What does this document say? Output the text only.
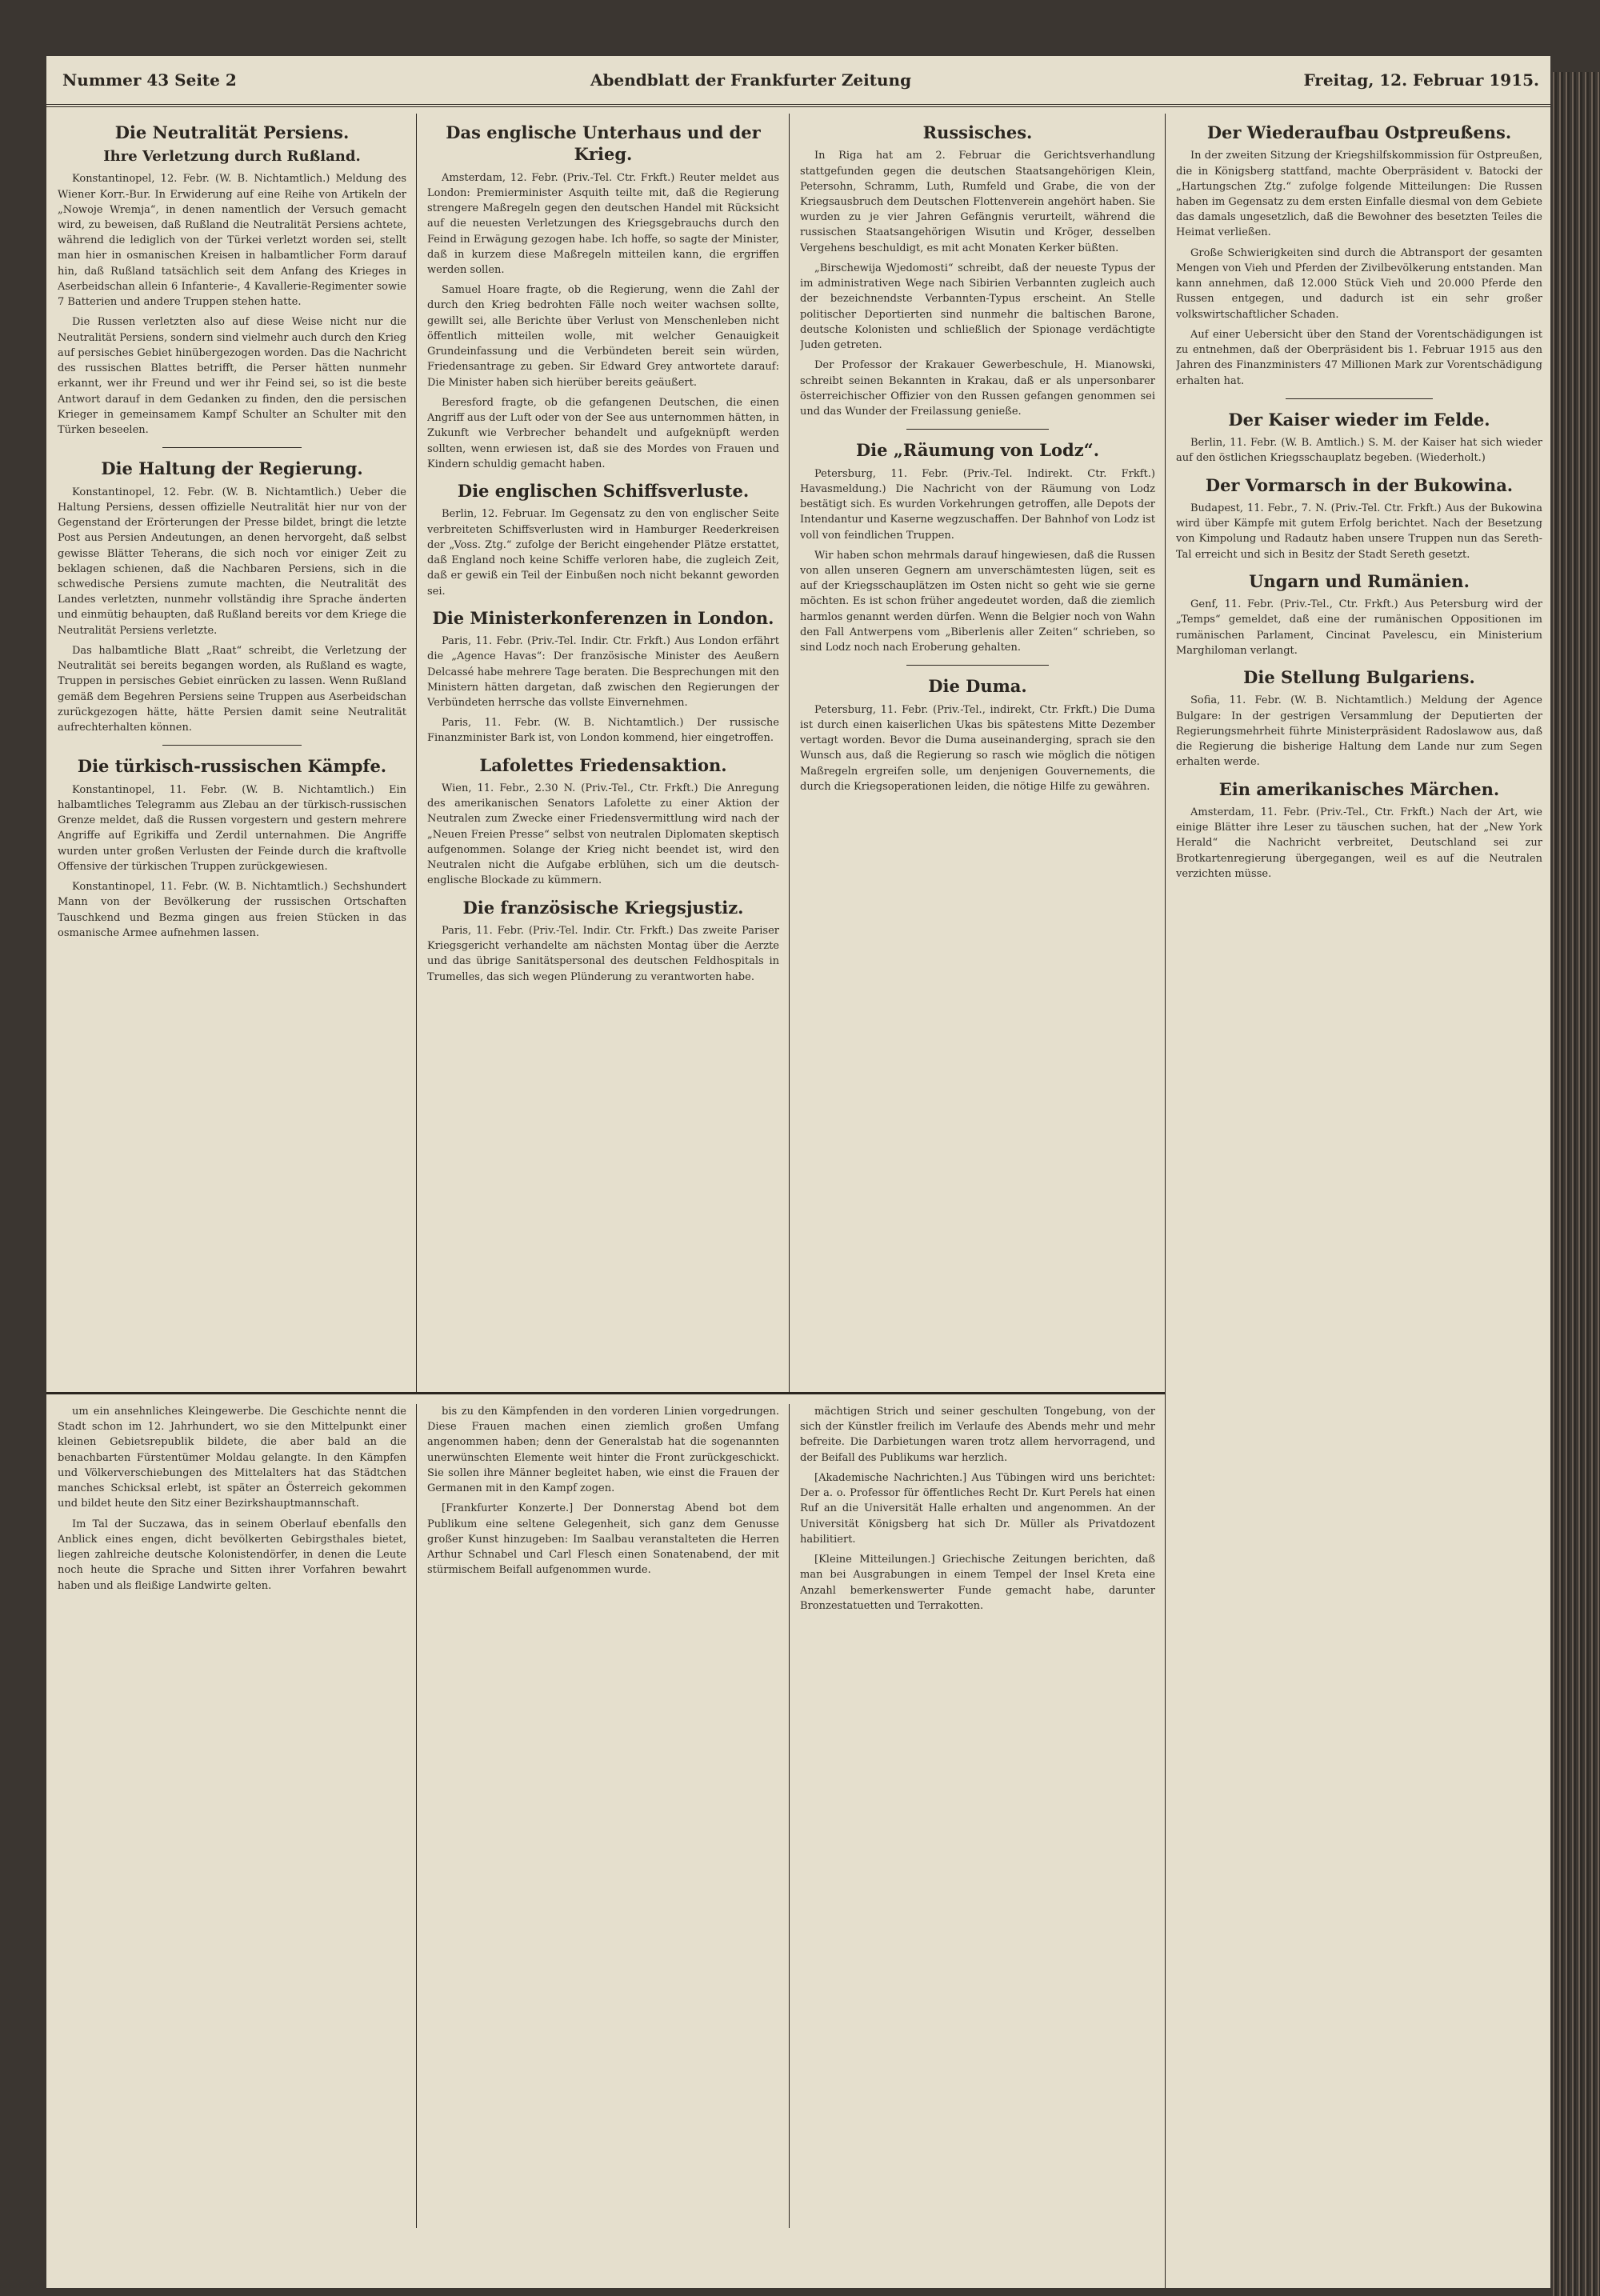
Nummer 43 Seite 2	Abendblatt der Frankfurter Zeitung	Freitag, 12. Februar 1915.
Die Neutralität Persiens.
Ihre Verletzung durch Rußland.

Konstantinopel, 12. Febr. (W. B. Nichtamtlich.) Meldung des Wiener Korr.-Bur. In Erwiderung auf eine Reihe von Artikeln der „Nowoje Wremja“, in denen namentlich der Versuch gemacht wird, zu beweisen, daß Rußland die Neutralität Persiens achtete, während die lediglich von der Türkei verletzt worden sei, stellt man hier in osmanischen Kreisen in halbamtlicher Form darauf hin, daß Rußland tatsächlich seit dem Anfang des Krieges in Aserbeidschan allein 6 Infanterie-, 4 Kavallerie-Regimenter sowie 7 Batterien und andere Truppen stehen hatte.

Die Russen verletzten also auf diese Weise nicht nur die Neutralität Persiens, sondern sind vielmehr auch durch den Krieg auf persisches Gebiet hinübergezogen worden. Das die Nachricht des russischen Blattes betrifft, die Perser hätten nunmehr erkannt, wer ihr Freund und wer ihr Feind sei, so ist die beste Antwort darauf in dem Gedanken zu finden, den die persischen Krieger in gemeinsamem Kampf Schulter an Schulter mit den Türken beseelen.

Die Haltung der Regierung.

Konstantinopel, 12. Febr. (W. B. Nichtamtlich.) Ueber die Haltung Persiens, dessen offizielle Neutralität hier nur von der Gegenstand der Erörterungen der Presse bildet, bringt die letzte Post aus Persien Andeutungen, an denen hervorgeht, daß selbst gewisse Blätter Teherans, die sich noch vor einiger Zeit zu beklagen schienen, daß die Nachbaren Persiens, sich in die schwedische Persiens zumute machten, die Neutralität des Landes verletzten, nunmehr vollständig ihre Sprache änderten und einmütig behaupten, daß Rußland bereits vor dem Kriege die Neutralität Persiens verletzte.

Das halbamtliche Blatt „Raat“ schreibt, die Verletzung der Neutralität sei bereits begangen worden, als Rußland es wagte, Truppen in persisches Gebiet einrücken zu lassen. Wenn Rußland gemäß dem Begehren Persiens seine Truppen aus Aserbeidschan zurückgezogen hätte, hätte Persien damit seine Neutralität aufrechterhalten können.

Die türkisch-russischen Kämpfe.

Konstantinopel, 11. Febr. (W. B. Nichtamtlich.) Ein halbamtliches Telegramm aus Zlebau an der türkisch-russischen Grenze meldet, daß die Russen vorgestern und gestern mehrere Angriffe auf Egrikiffa und Zerdil unternahmen. Die Angriffe wurden unter großen Verlusten der Feinde durch die kraftvolle Offensive der türkischen Truppen zurückgewiesen.

Konstantinopel, 11. Febr. (W. B. Nichtamtlich.) Sechshundert Mann von der Bevölkerung der russischen Ortschaften Tauschkend und Bezma gingen aus freien Stücken in das osmanische Armee aufnehmen lassen.

Das englische Unterhaus und der Krieg.

Amsterdam, 12. Febr. (Priv.-Tel. Ctr. Frkft.) Reuter meldet aus London: Premierminister Asquith teilte mit, daß die Regierung strengere Maßregeln gegen den deutschen Handel mit Rücksicht auf die neuesten Verletzungen des Kriegsgebrauchs durch den Feind in Erwägung gezogen habe. Ich hoffe, so sagte der Minister, daß in kurzem diese Maßregeln mitteilen kann, die ergriffen werden sollen.

Samuel Hoare fragte, ob die Regierung, wenn die Zahl der durch den Krieg bedrohten Fälle noch weiter wachsen sollte, gewillt sei, alle Berichte über Verlust von Menschenleben nicht öffentlich mitteilen wolle, mit welcher Genauigkeit Grundeinfassung und die Verbündeten bereit sein würden, Friedensantrage zu geben. Sir Edward Grey antwortete darauf: Die Minister haben sich hierüber bereits geäußert.

Beresford fragte, ob die gefangenen Deutschen, die einen Angriff aus der Luft oder von der See aus unternommen hätten, in Zukunft wie Verbrecher behandelt und aufgeknüpft werden sollten, wenn erwiesen ist, daß sie des Mordes von Frauen und Kindern schuldig gemacht haben.

Die englischen Schiffsverluste.

Berlin, 12. Februar. Im Gegensatz zu den von englischer Seite verbreiteten Schiffsverlusten wird in Hamburger Reederkreisen der „Voss. Ztg.“ zufolge der Bericht eingehender Plätze erstattet, daß England noch keine Schiffe verloren habe, die zugleich Zeit, daß er gewiß ein Teil der Einbußen noch nicht bekannt geworden sei.

Die Ministerkonferenzen in London.

Paris, 11. Febr. (Priv.-Tel. Indir. Ctr. Frkft.) Aus London erfährt die „Agence Havas“: Der französische Minister des Aeußern Delcassé habe mehrere Tage beraten. Die Besprechungen mit den Ministern hätten dargetan, daß zwischen den Regierungen der Verbündeten herrsche das vollste Einvernehmen.

Paris, 11. Febr. (W. B. Nichtamtlich.) Der russische Finanzminister Bark ist, von London kommend, hier eingetroffen.

Lafolettes Friedensaktion.

Wien, 11. Febr., 2.30 N. (Priv.-Tel., Ctr. Frkft.) Die Anregung des amerikanischen Senators Lafolette zu einer Aktion der Neutralen zum Zwecke einer Friedensvermittlung wird nach der „Neuen Freien Presse“ selbst von neutralen Diplomaten skeptisch aufgenommen. Solange der Krieg nicht beendet ist, wird den Neutralen nicht die Aufgabe erblühen, sich um die deutsch-englische Blockade zu kümmern.

Die französische Kriegsjustiz.

Paris, 11. Febr. (Priv.-Tel. Indir. Ctr. Frkft.) Das zweite Pariser Kriegsgericht verhandelte am nächsten Montag über die Aerzte und das übrige Sanitätspersonal des deutschen Feldhospitals in Trumelles, das sich wegen Plünderung zu verantworten habe.

Russisches.

In Riga hat am 2. Februar die Gerichtsverhandlung stattgefunden gegen die deutschen Staatsangehörigen Klein, Petersohn, Schramm, Luth, Rumfeld und Grabe, die von der Kriegsausbruch dem Deutschen Flottenverein angehört haben. Sie wurden zu je vier Jahren Gefängnis verurteilt, während die russischen Staatsangehörigen Wisutin und Kröger, desselben Vergehens beschuldigt, es mit acht Monaten Kerker büßten.

„Birschewija Wjedomosti“ schreibt, daß der neueste Typus der im administrativen Wege nach Sibirien Verbannten zugleich auch der bezeichnendste Verbannten-Typus erscheint. An Stelle politischer Deportierten sind nunmehr die baltischen Barone, deutsche Kolonisten und schließlich der Spionage verdächtigte Juden getreten.

Der Professor der Krakauer Gewerbeschule, H. Mianowski, schreibt seinen Bekannten in Krakau, daß er als unpersonbarer österreichischer Offizier von den Russen gefangen genommen sei und das Wunder der Freilassung genieße.

Die „Räumung von Lodz“.

Petersburg, 11. Febr. (Priv.-Tel. Indirekt. Ctr. Frkft.) Havasmeldung.) Die Nachricht von der Räumung von Lodz bestätigt sich. Es wurden Vorkehrungen getroffen, alle Depots der Intendantur und Kaserne wegzuschaffen. Der Bahnhof von Lodz ist voll von feindlichen Truppen.

Wir haben schon mehrmals darauf hingewiesen, daß die Russen von allen unseren Gegnern am unverschämtesten lügen, seit es auf der Kriegsschauplätzen im Osten nicht so geht wie sie gerne möchten. Es ist schon früher angedeutet worden, daß die ziemlich harmlos genannt werden dürfen. Wenn die Belgier noch von Wahn den Fall Antwerpens vom „Biberlenis aller Zeiten“ schrieben, so sind Lodz noch nach Eroberung gehalten.

Die Duma.

Petersburg, 11. Febr. (Priv.-Tel., indirekt, Ctr. Frkft.) Die Duma ist durch einen kaiserlichen Ukas bis spätestens Mitte Dezember vertagt worden. Bevor die Duma auseinanderging, sprach sie den Wunsch aus, daß die Regierung so rasch wie möglich die nötigen Maßregeln ergreifen solle, um denjenigen Gouvernements, die durch die Kriegsoperationen leiden, die nötige Hilfe zu gewähren.

Der Wiederaufbau Ostpreußens.

In der zweiten Sitzung der Kriegshilfskommission für Ostpreußen, die in Königsberg stattfand, machte Oberpräsident v. Batocki der „Hartungschen Ztg.“ zufolge folgende Mitteilungen: Die Russen haben im Gegensatz zu dem ersten Einfalle diesmal von dem Gebiete das damals ungesetzlich, daß die Bewohner des besetzten Teiles die Heimat verließen.

Große Schwierigkeiten sind durch die Abtransport der gesamten Mengen von Vieh und Pferden der Zivilbevölkerung entstanden. Man kann annehmen, daß 12.000 Stück Vieh und 20.000 Pferde den Russen entgegen, und dadurch ist ein sehr großer volkswirtschaftlicher Schaden.

Auf einer Uebersicht über den Stand der Vorentschädigungen ist zu entnehmen, daß der Oberpräsident bis 1. Februar 1915 aus den Jahren des Finanzministers 47 Millionen Mark zur Vorentschädigung erhalten hat.

Der Kaiser wieder im Felde.

Berlin, 11. Febr. (W. B. Amtlich.) S. M. der Kaiser hat sich wieder auf den östlichen Kriegsschauplatz begeben. (Wiederholt.)

Der Vormarsch in der Bukowina.

Budapest, 11. Febr., 7. N. (Priv.-Tel. Ctr. Frkft.) Aus der Bukowina wird über Kämpfe mit gutem Erfolg berichtet. Nach der Besetzung von Kimpolung und Radautz haben unsere Truppen nun das Sereth-Tal erreicht und sich in Besitz der Stadt Sereth gesetzt.

Ungarn und Rumänien.

Genf, 11. Febr. (Priv.-Tel., Ctr. Frkft.) Aus Petersburg wird der „Temps“ gemeldet, daß eine der rumänischen Oppositionen im rumänischen Parlament, Cincinat Pavelescu, ein Ministerium Marghiloman verlangt.

Die Stellung Bulgariens.

Sofia, 11. Febr. (W. B. Nichtamtlich.) Meldung der Agence Bulgare: In der gestrigen Versammlung der Deputierten der Regierungsmehrheit führte Ministerpräsident Radoslawow aus, daß die Regierung die bisherige Haltung dem Lande nur zum Segen erhalten werde.

Ein amerikanisches Märchen.

Amsterdam, 11. Febr. (Priv.-Tel., Ctr. Frkft.) Nach der Art, wie einige Blätter ihre Leser zu täuschen suchen, hat der „New York Herald“ die Nachricht verbreitet, Deutschland sei zur Brotkartenregierung übergegangen, weil es auf die Neutralen verzichten müsse.

um ein ansehnliches Kleingewerbe. Die Geschichte nennt die Stadt schon im 12. Jahrhundert, wo sie den Mittelpunkt einer kleinen Gebietsrepublik bildete, die aber bald an die benachbarten Fürstentümer Moldau gelangte. In den Kämpfen und Völkerverschiebungen des Mittelalters hat das Städtchen manches Schicksal erlebt, ist später an Österreich gekommen und bildet heute den Sitz einer Bezirkshauptmannschaft.

Im Tal der Suczawa, das in seinem Oberlauf ebenfalls den Anblick eines engen, dicht bevölkerten Gebirgsthales bietet, liegen zahlreiche deutsche Kolonistendörfer, in denen die Leute noch heute die Sprache und Sitten ihrer Vorfahren bewahrt haben und als fleißige Landwirte gelten.

bis zu den Kämpfenden in den vorderen Linien vorgedrungen. Diese Frauen machen einen ziemlich großen Umfang angenommen haben; denn der Generalstab hat die sogenannten unerwünschten Elemente weit hinter die Front zurückgeschickt. Sie sollen ihre Männer begleitet haben, wie einst die Frauen der Germanen mit in den Kampf zogen.

[Frankfurter Konzerte.] Der Donnerstag Abend bot dem Publikum eine seltene Gelegenheit, sich ganz dem Genusse großer Kunst hinzugeben: Im Saalbau veranstalteten die Herren Arthur Schnabel und Carl Flesch einen Sonatenabend, der mit stürmischem Beifall aufgenommen wurde.

mächtigen Strich und seiner geschulten Tongebung, von der sich der Künstler freilich im Verlaufe des Abends mehr und mehr befreite. Die Darbietungen waren trotz allem hervorragend, und der Beifall des Publikums war herzlich.

[Akademische Nachrichten.] Aus Tübingen wird uns berichtet: Der a. o. Professor für öffentliches Recht Dr. Kurt Perels hat einen Ruf an die Universität Halle erhalten und angenommen. An der Universität Königsberg hat sich Dr. Müller als Privatdozent habilitiert.

[Kleine Mitteilungen.] Griechische Zeitungen berichten, daß man bei Ausgrabungen in einem Tempel der Insel Kreta eine Anzahl bemerkenswerter Funde gemacht habe, darunter Bronzestatuetten und Terrakotten.
